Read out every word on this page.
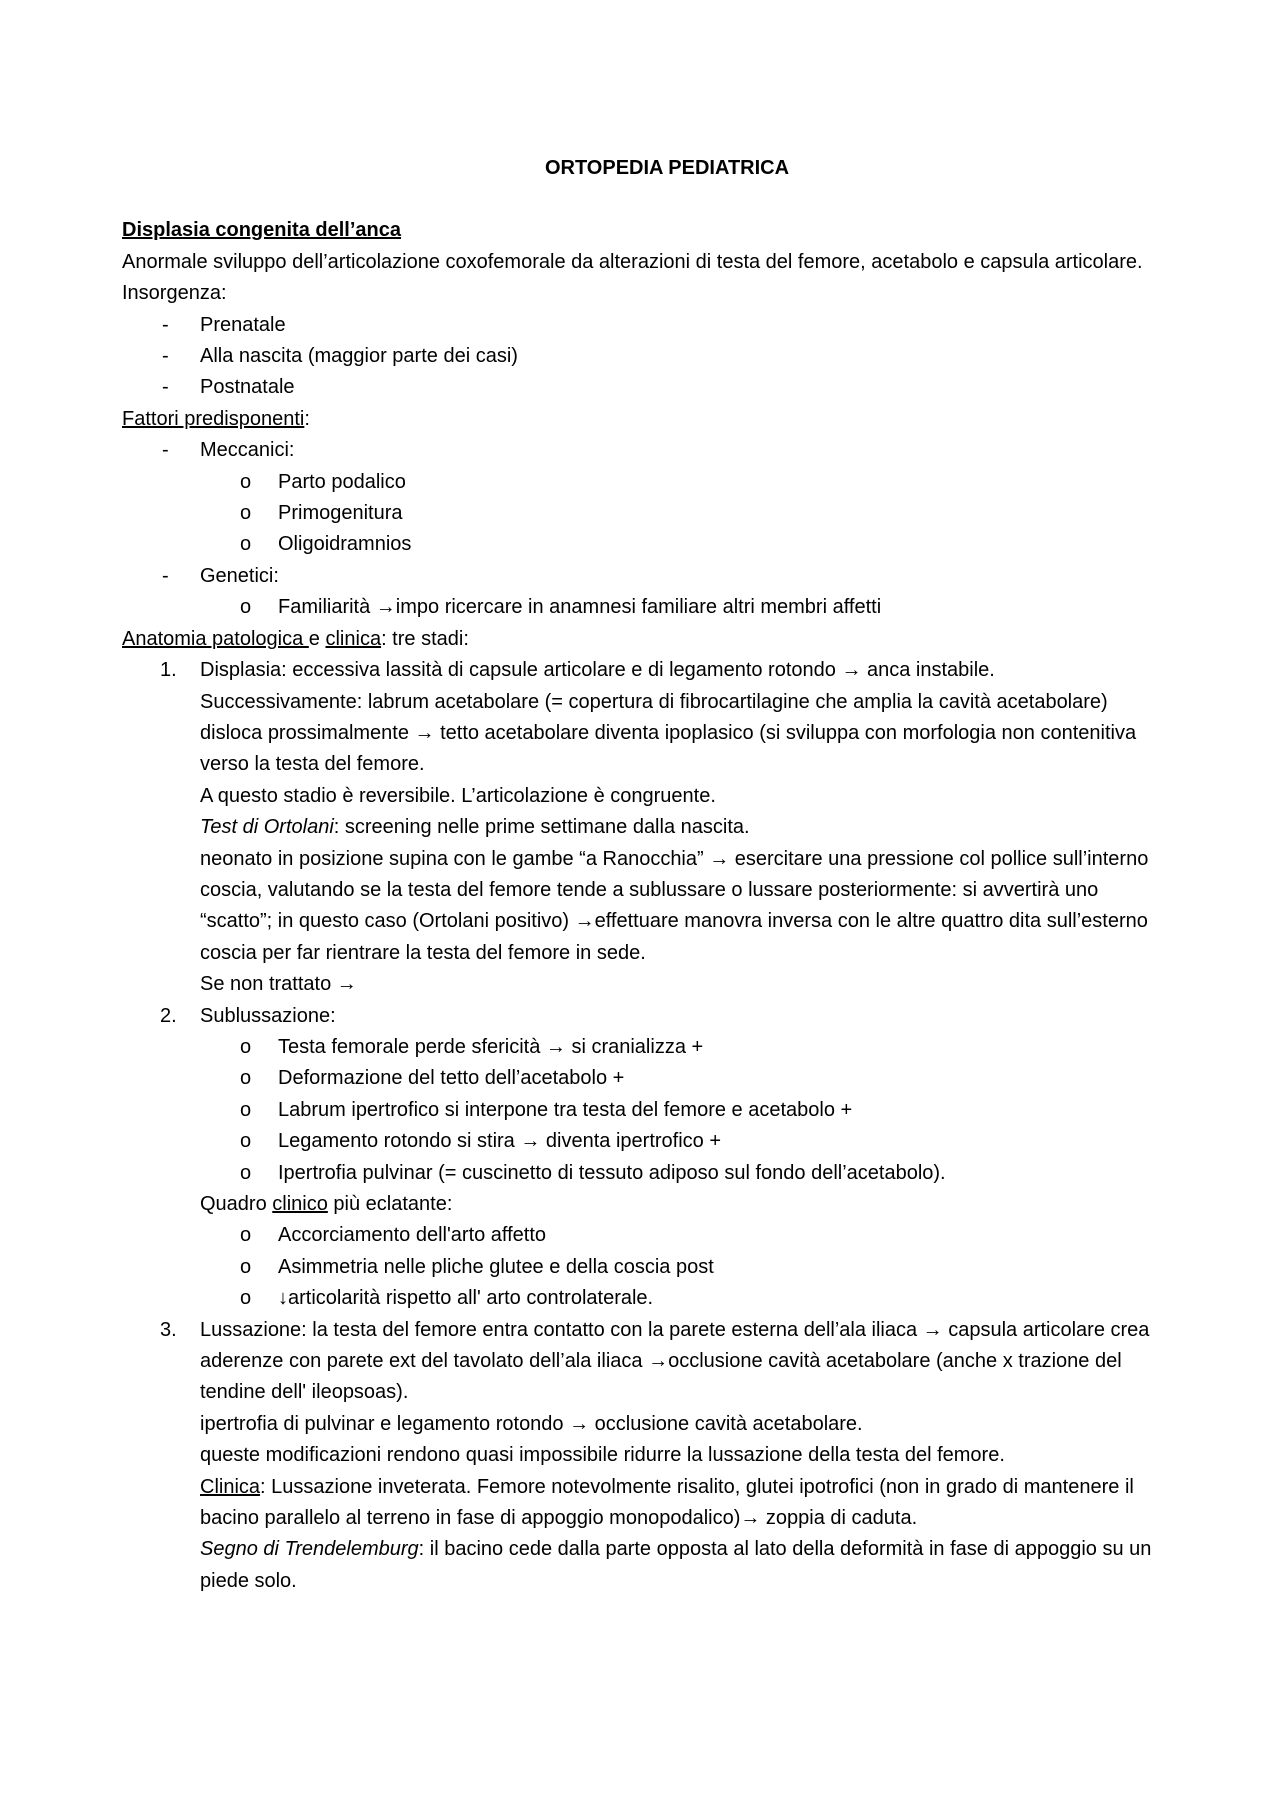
ORTOPEDIA PEDIATRICA
Displasia congenita dell’anca
Anormale sviluppo dell’articolazione coxofemorale da alterazioni di testa del femore, acetabolo e capsula articolare.
Insorgenza:
- Prenatale
- Alla nascita (maggior parte dei casi)
- Postnatale
Fattori predisponenti:
- Meccanici:
o Parto podalico
o Primogenitura
o Oligoidramnios
- Genetici:
o Familiarità →impo ricercare in anamnesi familiare altri membri affetti
Anatomia patologica e clinica: tre stadi:
1. Displasia: eccessiva lassità di capsule articolare e di legamento rotondo → anca instabile.
Successivamente: labrum acetabolare (= copertura di fibrocartilagine che amplia la cavità acetabolare) disloca prossimalmente → tetto acetabolare diventa ipoplasico (si sviluppa con morfologia non contenitiva verso la testa del femore.
A questo stadio è reversibile. L’articolazione è congruente.
Test di Ortolani: screening nelle prime settimane dalla nascita.
neonato in posizione supina con le gambe “a Ranocchia” → esercitare una pressione col pollice sull’interno coscia, valutando se la testa del femore tende a sublussare o lussare posteriormente: si avvertirà uno “scatto”; in questo caso (Ortolani positivo) →effettuare manovra inversa con le altre quattro dita sull’esterno coscia per far rientrare la testa del femore in sede.
Se non trattato →
2. Sublussazione:
o Testa femorale perde sfericità → si cranializza +
o Deformazione del tetto dell’acetabolo +
o Labrum ipertrofico si interpone tra testa del femore e acetabolo +
o Legamento rotondo si stira → diventa ipertrofico +
o Ipertrofia pulvinar (= cuscinetto di tessuto adiposo sul fondo dell’acetabolo).
Quadro clinico più eclatante:
o Accorciamento dell'arto affetto
o Asimmetria nelle pliche glutee e della coscia post
o ↓articolarità rispetto all' arto controlaterale.
3. Lussazione: la testa del femore entra contatto con la parete esterna dell’ala iliaca → capsula articolare crea aderenze con parete ext del tavolato dell’ala iliaca →occlusione cavità acetabolare (anche x trazione del tendine dell' ileopsoas).
ipertrofia di pulvinar e legamento rotondo → occlusione cavità acetabolare.
queste modificazioni rendono quasi impossibile ridurre la lussazione della testa del femore.
Clinica: Lussazione inveterata. Femore notevolmente risalito, glutei ipotrofici (non in grado di mantenere il bacino parallelo al terreno in fase di appoggio monopodalico)→ zoppia di caduta.
Segno di Trendelemburg: il bacino cede dalla parte opposta al lato della deformità in fase di appoggio su un piede solo.
